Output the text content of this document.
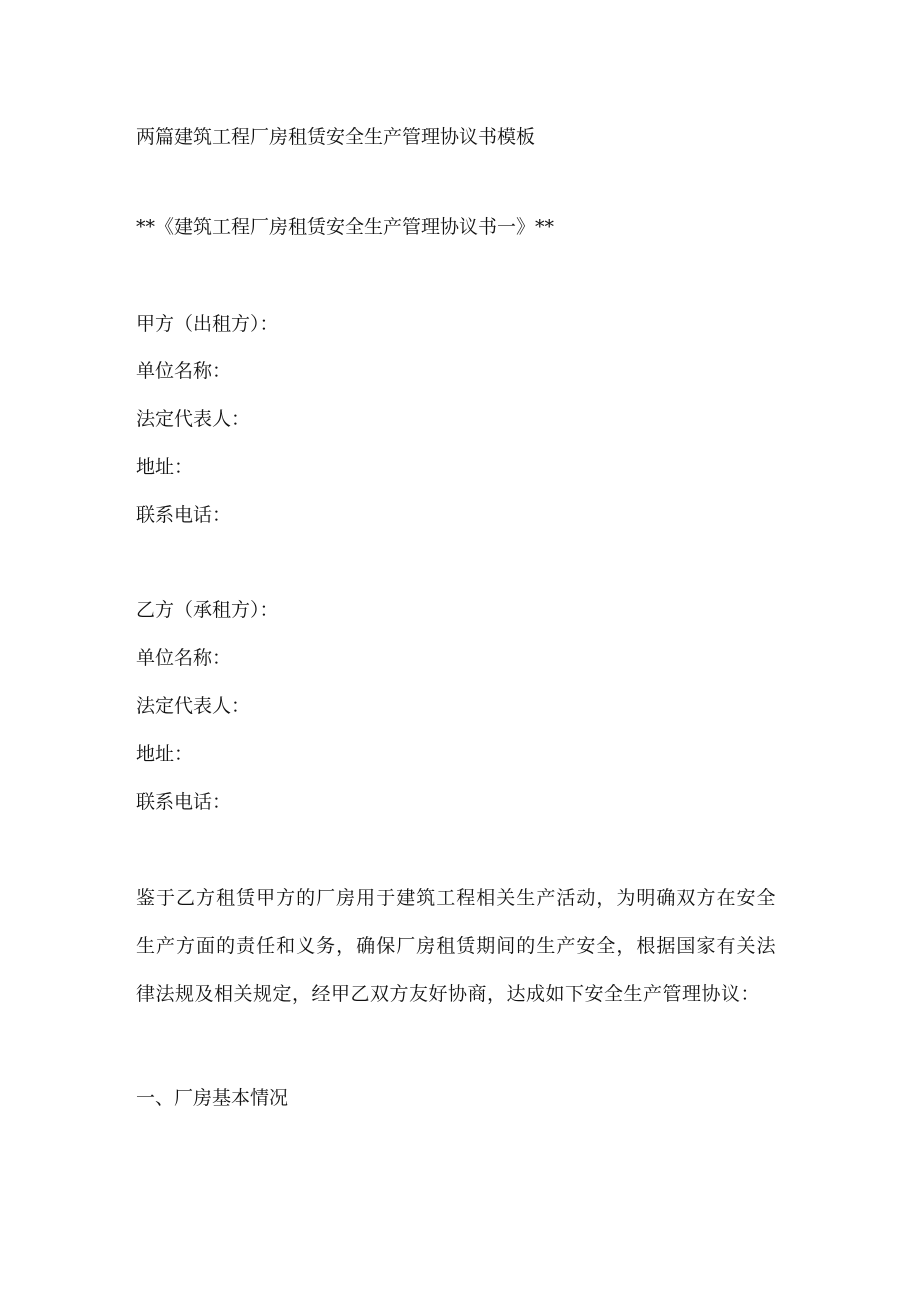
两篇建筑工程厂房租赁安全生产管理协议书模板
**《建筑工程厂房租赁安全生产管理协议书一》**

甲方（出租方）：

单位名称：

法定代表人：

地址：

联系电话：

乙方（承租方）：

单位名称：

法定代表人：

地址：

联系电话：

鉴于乙方租赁甲方的厂房用于建筑工程相关生产活动，为明确双方在安全生产方面的责任和义务，确保厂房租赁期间的生产安全，根据国家有关法律法规及相关规定，经甲乙双方友好协商，达成如下安全生产管理协议：

一、厂房基本情况
